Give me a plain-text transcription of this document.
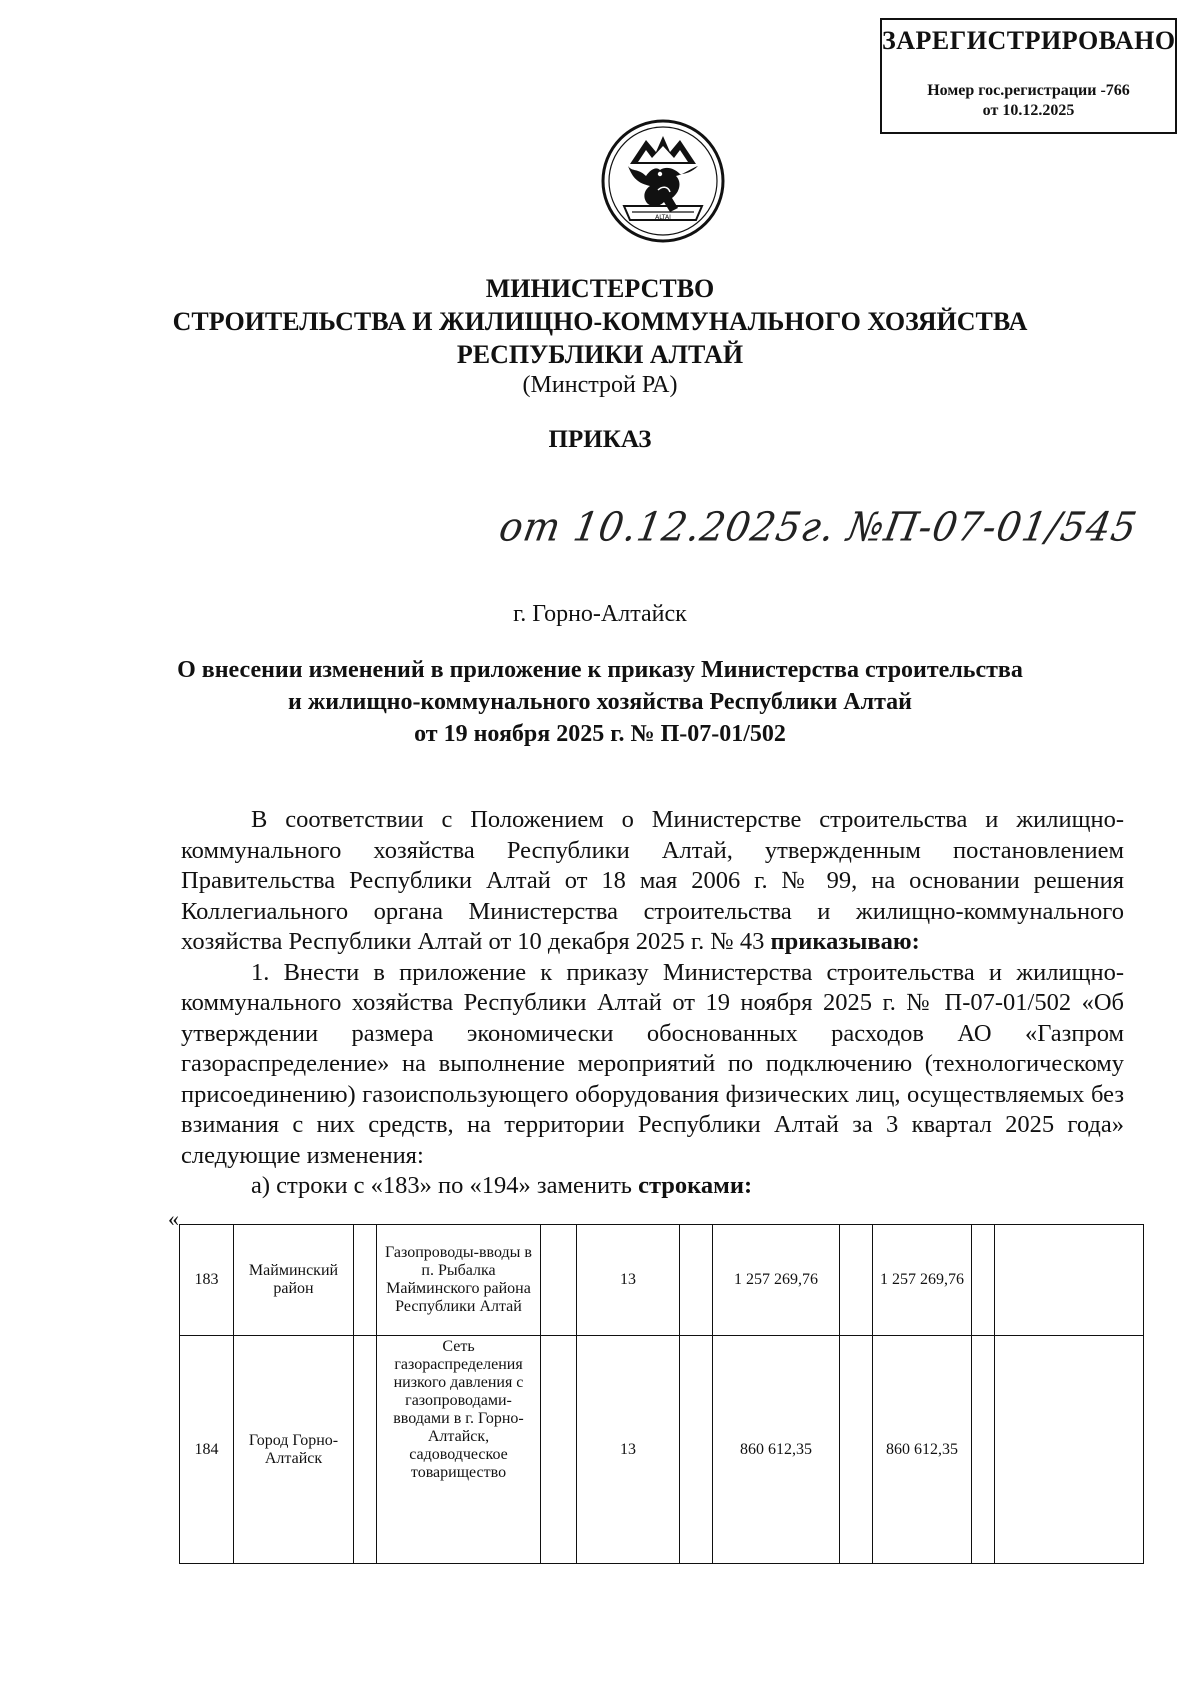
ЗАРЕГИСТРИРОВАНО
Номер гос.регистрации -766
от 10.12.2025
ALTAI
МИНИСТЕРСТВО
СТРОИТЕЛЬСТВА И ЖИЛИЩНО-КОММУНАЛЬНОГО ХОЗЯЙСТВА
РЕСПУБЛИКИ АЛТАЙ
(Минстрой РА)
ПРИКАЗ
от 10.12.2025г. №П-07-01/545
г. Горно-Алтайск
О внесении изменений в приложение к приказу Министерства строительства
и жилищно-коммунального хозяйства Республики Алтай
от 19 ноября 2025 г. № П-07-01/502

В соответствии с Положением о Министерстве строительства и жилищно-коммунального хозяйства Республики Алтай, утвержденным постановлением Правительства Республики Алтай от 18 мая 2006 г. № 99, на основании решения Коллегиального органа Министерства строительства и жилищно-коммунального хозяйства Республики Алтай от 10 декабря 2025 г. № 43 приказываю:

1. Внести в приложение к приказу Министерства строительства и жилищно-коммунального хозяйства Республики Алтай от 19 ноября 2025 г. № П-07-01/502 «Об утверждении размера экономически обоснованных расходов АО «Газпром газораспределение» на выполнение мероприятий по подключению (технологическому присоединению) газоиспользующего оборудования физических лиц, осуществляемых без взимания с них средств, на территории Республики Алтай за 3 квартал 2025 года» следующие изменения:

а) строки с «183» по «194» заменить строками:

«
183	Майминский район		Газопроводы-вводы в п. Рыбалка Майминского района Республики Алтай		13		1 257 269,76		1 257 269,76		
184	Город Горно-Алтайск		Сеть газораспределения низкого давления с газопроводами-вводами в г. Горно-Алтайск, садоводческое товарищество		13		860 612,35		860 612,35		
